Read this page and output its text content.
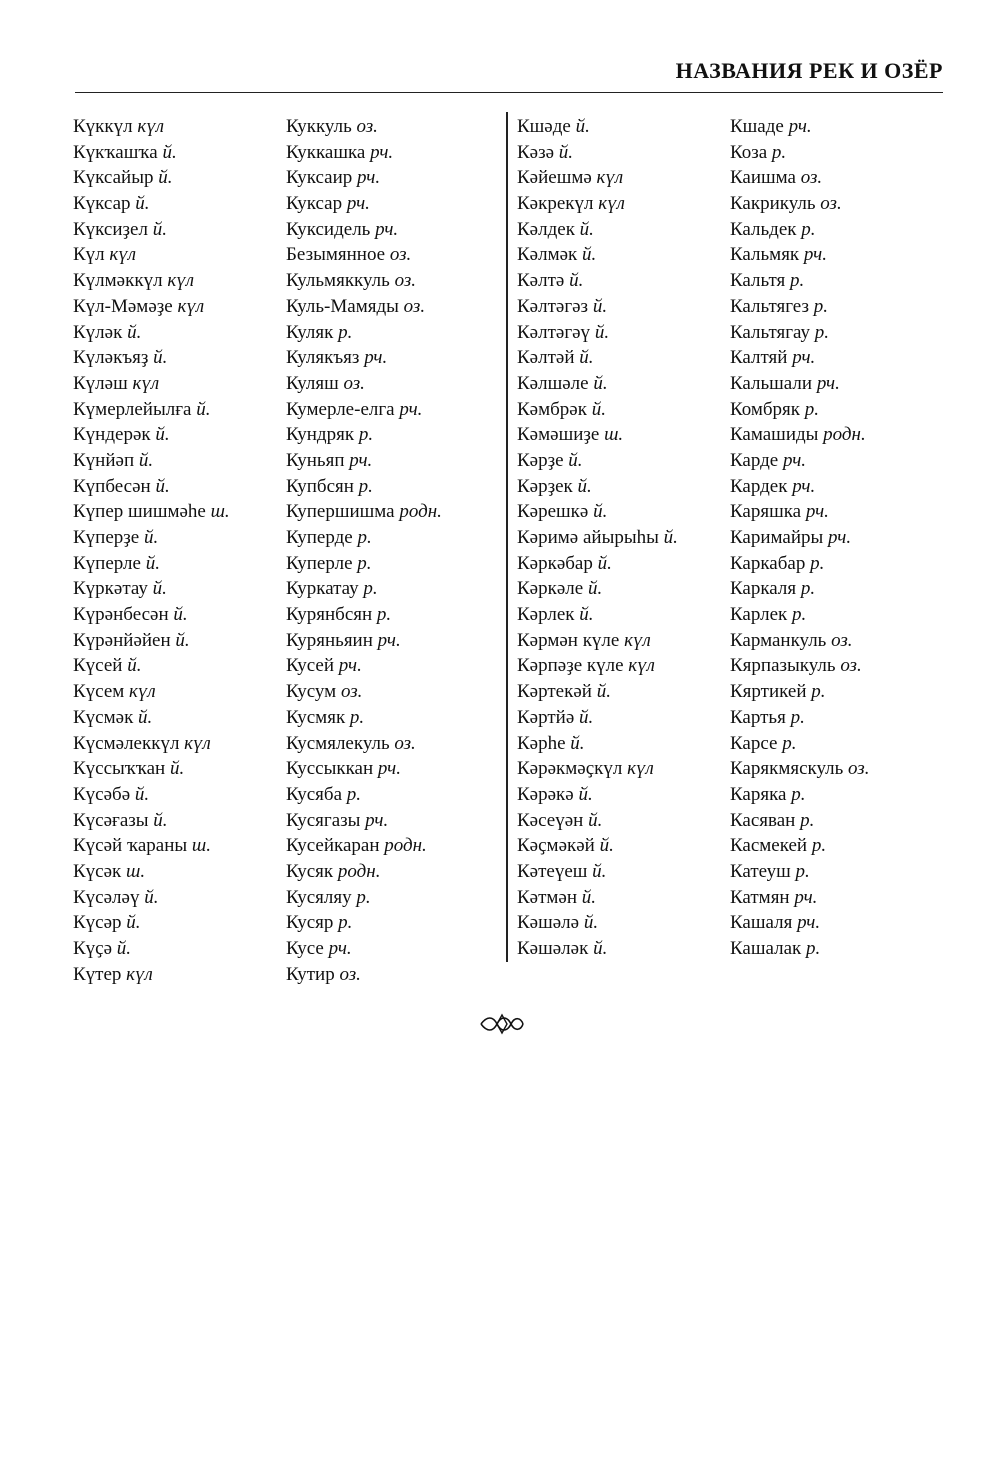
НАЗВАНИЯ РЕК И ОЗЁР
Күккүл күл
Күкҡашҡа й.
Күксайыр й.
Күксар й.
Күксиҙел й.
Күл күл
Күлмәккүл күл
Күл-Мәмәҙе күл
Күләк й.
Күләкъяҙ й.
Күләш күл
Күмерлейылға й.
Күндерәк й.
Күнйәп й.
Күпбесән й.
Күпер шишмәһе ш.
Күперҙе й.
Күперле й.
Күркәтау й.
Күрәнбесән й.
Күрәнйәйен й.
Күсей й.
Күсем күл
Күсмәк й.
Күсмәлеккүл күл
Күссыҡҡан й.
Күсәбә й.
Күсәғазы й.
Күсәй ҡараны ш.
Күсәк ш.
Күсәләү й.
Күсәр й.
Күҫә й.
Күтер күл
Куккуль оз.
Куккашка рч.
Куксаир рч.
Куксар рч.
Куксидель рч.
Безымянное оз.
Кульмяккуль оз.
Куль-Мамяды оз.
Куляк р.
Кулякъяз рч.
Куляш оз.
Кумерле-елга рч.
Кундряк р.
Куньяп рч.
Купбсян р.
Купершишма родн.
Куперде р.
Куперле р.
Куркатау р.
Курянбсян р.
Куряньяин рч.
Кусей рч.
Кусум оз.
Кусмяк р.
Кусмялекуль оз.
Куссыккан рч.
Кусяба р.
Кусягазы рч.
Кусейкаран родн.
Кусяк родн.
Кусяляу р.
Кусяр р.
Кусе рч.
Кутир оз.
Кшәде й.
Кәзә й.
Кәйешмә күл
Кәкрекүл күл
Кәлдек й.
Кәлмәк й.
Кәлтә й.
Кәлтәгәз й.
Кәлтәгәү й.
Кәлтәй й.
Кәлшәле й.
Кәмбрәк й.
Кәмәшиҙе ш.
Кәрҙе й.
Кәрҙек й.
Кәрешкә й.
Кәримә айырыһы й.
Кәркәбар й.
Кәркәле й.
Кәрлек й.
Кәрмән күле күл
Кәрпәҙе күле күл
Кәртекәй й.
Кәртйә й.
Кәрһе й.
Кәрәкмәҫкүл күл
Кәрәкә й.
Кәсеүән й.
Кәҫмәкәй й.
Кәтеүеш й.
Кәтмән й.
Кәшәлә й.
Кәшәләк й.
Кшаде рч.
Коза р.
Каишма оз.
Какрикуль оз.
Кальдек р.
Кальмяк рч.
Кальтя р.
Кальтягез р.
Кальтягау р.
Калтяй рч.
Кальшали рч.
Комбряк р.
Камашиды родн.
Карде рч.
Кардек рч.
Каряшка рч.
Каримайры рч.
Каркабар р.
Каркаля р.
Карлек р.
Карманкуль оз.
Кярпазыкуль оз.
Кяртикей р.
Картья р.
Карсе р.
Карякмяскуль оз.
Каряка р.
Касяван р.
Касмекей р.
Катеуш р.
Катмян рч.
Кашаля рч.
Кашалак р.
